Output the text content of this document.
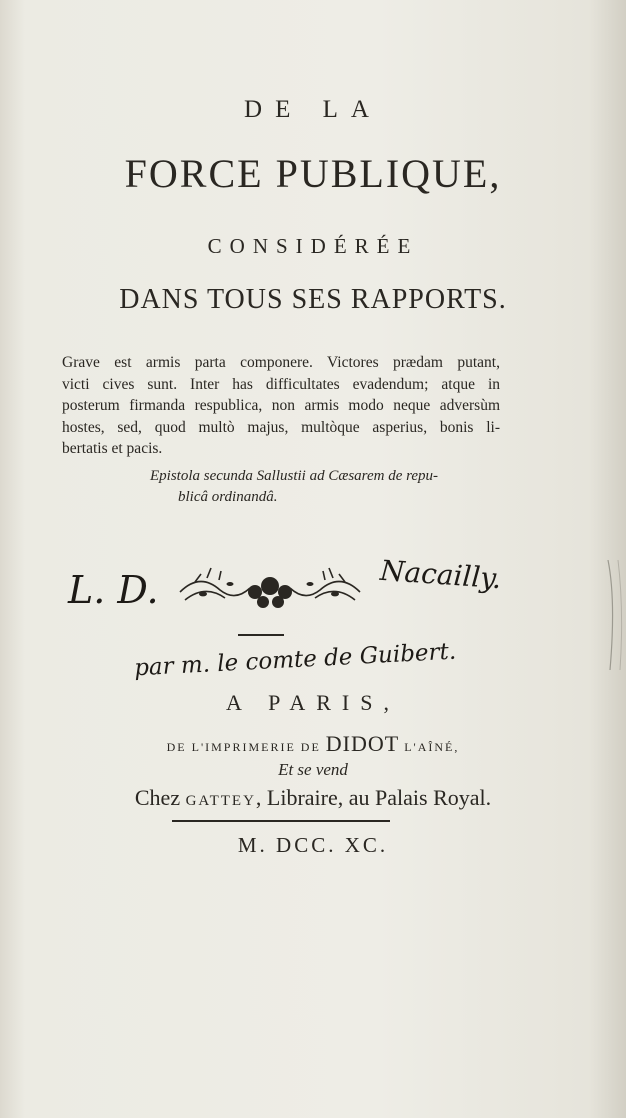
DE LA
FORCE PUBLIQUE,
CONSIDÉRÉE
DANS TOUS SES RAPPORTS.
Grave est armis parta componere. Victores prædam putant,
victi cives sunt. Inter has difficultates evadendum; atque in
posterum firmanda respublica, non armis modo neque adversùm
hostes, sed, quod multò majus, multòque asperius, bonis li-
bertatis et pacis.
Epistola secunda Sallustii ad Cæsarem de repu-
blicâ ordinandâ.
L. D.	Nacailly.
par m. le comte de Guibert.
A PARIS,
DE L'IMPRIMERIE DE DIDOT L'AÎNÉ,
Et se vend
Chez GATTEY, Libraire, au Palais Royal.
M. DCC. XC.
